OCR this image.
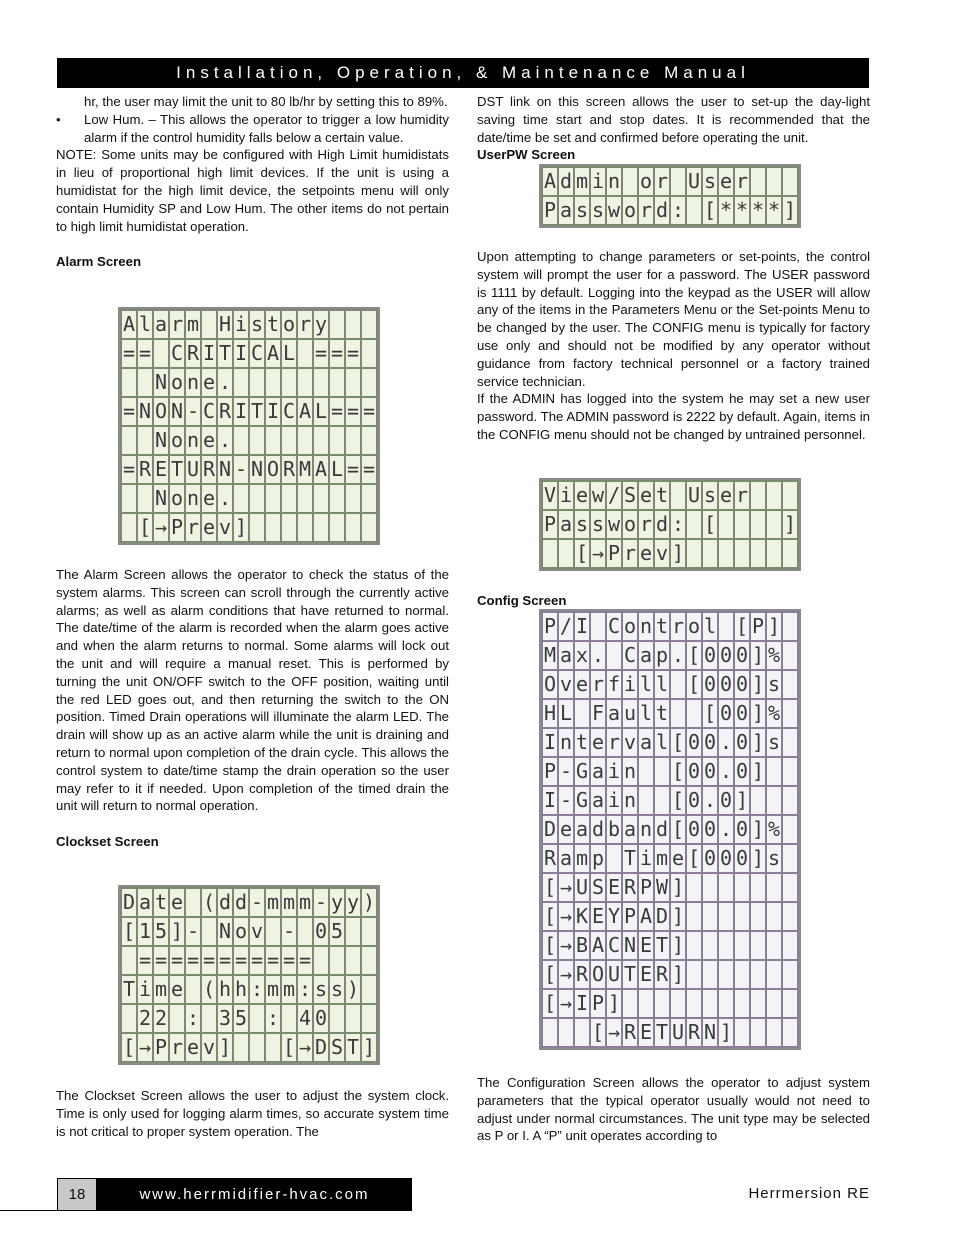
Installation, Operation, & Maintenance Manual

hr, the user may limit the unit to 80 lb/hr by setting this to 89%.

• Low Hum. – This allows the operator to trigger a low humidity alarm if the control humidity falls below a certain value.

NOTE: Some units may be configured with High Limit humidistats in lieu of proportional high limit devices. If the unit is using a humidistat for the high limit device, the setpoints menu will only contain Humidity SP and Low Hum. The other items do not pertain to high limit humidistat operation.

Alarm Screen

A	l	a	r	m		H	i	s	t	o	r	y			
=	=		C	R	I	T	I	C	A	L		=	=	=	
		N	o	n	e	.									
=	N	O	N	-	C	R	I	T	I	C	A	L	=	=	=
		N	o	n	e	.									
=	R	E	T	U	R	N	-	N	O	R	M	A	L	=	=
		N	o	n	e	.									
	[	→	P	r	e	v	]								

The Alarm Screen allows the operator to check the status of the system alarms. This screen can scroll through the currently active alarms; as well as alarm conditions that have returned to normal. The date/time of the alarm is recorded when the alarm goes active and when the alarm returns to normal. Some alarms will lock out the unit and will require a manual reset. This is performed by turning the unit ON/OFF switch to the OFF position, waiting until the red LED goes out, and then returning the switch to the ON position. Timed Drain operations will illuminate the alarm LED. The drain will show up as an active alarm while the unit is draining and return to normal upon completion of the drain cycle. This allows the control system to date/time stamp the drain operation so the user may refer to it if needed. Upon completion of the timed drain the unit will return to normal operation.

Clockset Screen

D	a	t	e		(	d	d	-	m	m	m	-	y	y	)
[	1	5	]	-		N	o	v		-		0	5		
	=	=	=	=	=	=	=	=	=	=	=				
T	i	m	e		(	h	h	:	m	m	:	s	s	)	
	2	2		:		3	5		:		4	0			
[	→	P	r	e	v	]				[	→	D	S	T	]

The Clockset Screen allows the user to adjust the system clock. Time is only used for logging alarm times, so accurate system time is not critical to proper system operation. The

DST link on this screen allows the user to set-up the day-light saving time start and stop dates. It is recommended that the date/time be set and confirmed before operating the unit.

UserPW Screen

A	d	m	i	n		o	r		U	s	e	r			
P	a	s	s	w	o	r	d	:		[	*	*	*	*	]

Upon attempting to change parameters or set-points, the control system will prompt the user for a password. The USER password is 1111 by default. Logging into the keypad as the USER will allow any of the items in the Parameters Menu or the Set-points Menu to be changed by the user. The CONFIG menu is typically for factory use only and should not be modified by any operator without guidance from factory technical personnel or a factory trained service technician.

If the ADMIN has logged into the system he may set a new user password. The ADMIN password is 2222 by default. Again, items in the CONFIG menu should not be changed by untrained personnel.

V	i	e	w	/	S	e	t		U	s	e	r			
P	a	s	s	w	o	r	d	:		[					]
		[	→	P	r	e	v	]							

Config Screen

P	/	I		C	o	n	t	r	o	l		[	P	]	
M	a	x	.		C	a	p	.	[	0	0	0	]	%	
O	v	e	r	f	i	l	l		[	0	0	0	]	s	
H	L		F	a	u	l	t			[	0	0	]	%	
I	n	t	e	r	v	a	l	[	0	0	.	0	]	s	
P	-	G	a	i	n			[	0	0	.	0	]		
I	-	G	a	i	n			[	0	.	0	]			
D	e	a	d	b	a	n	d	[	0	0	.	0	]	%	
R	a	m	p		T	i	m	e	[	0	0	0	]	s	
[	→	U	S	E	R	P	W	]							
[	→	K	E	Y	P	A	D	]							
[	→	B	A	C	N	E	T	]							
[	→	R	O	U	T	E	R	]							
[	→	I	P	]											
			[	→	R	E	T	U	R	N	]				

The Configuration Screen allows the operator to adjust system parameters that the typical operator usually would not need to adjust under normal circumstances. The unit type may be selected as P or I. A “P” unit operates according to

18	www.herrmidifier-hvac.com	Herrmersion RE
